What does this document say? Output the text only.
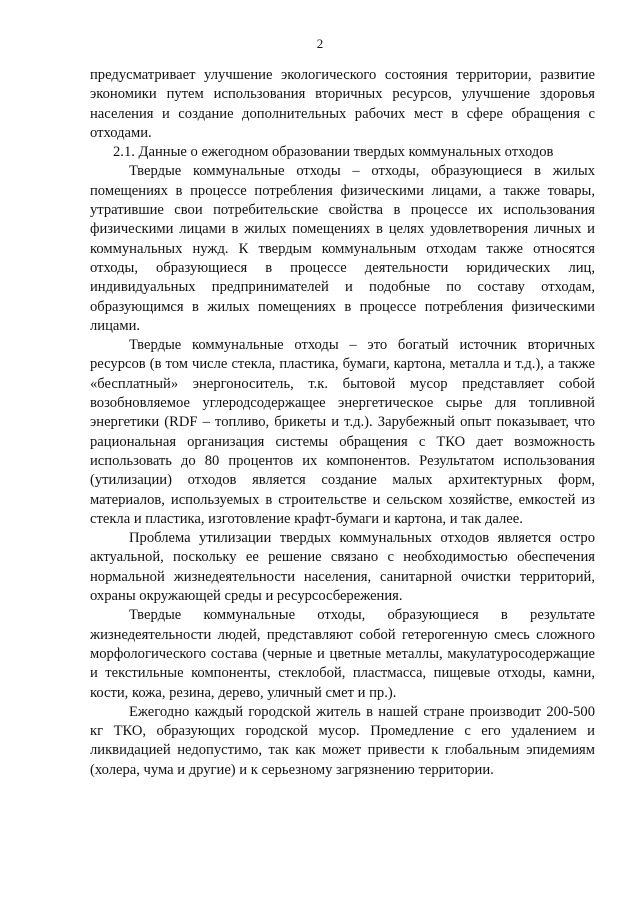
2

предусматривает улучшение экологического состояния территории, развитие экономики путем использования вторичных ресурсов, улучшение здоровья населения и создание дополнительных рабочих мест в сфере обращения с отходами.

2.1. Данные о ежегодном образовании твердых коммунальных отходов

Твердые коммунальные отходы – отходы, образующиеся в жилых помещениях в процессе потребления физическими лицами, а также товары, утратившие свои потребительские свойства в процессе их использования физическими лицами в жилых помещениях в целях удовлетворения личных и коммунальных нужд. К твердым коммунальным отходам также относятся отходы, образующиеся в процессе деятельности юридических лиц, индивидуальных предпринимателей и подобные по составу отходам, образующимся в жилых помещениях в процессе потребления физическими лицами.

Твердые коммунальные отходы – это богатый источник вторичных ресурсов (в том числе стекла, пластика, бумаги, картона, металла и т.д.), а также «бесплатный» энергоноситель, т.к. бытовой мусор представляет собой возобновляемое углеродсодержащее энергетическое сырье для топливной энергетики (RDF – топливо, брикеты и т.д.). Зарубежный опыт показывает, что рациональная организация системы обращения с ТКО дает возможность использовать до 80 процентов их компонентов. Результатом использования (утилизации) отходов является создание малых архитектурных форм, материалов, используемых в строительстве и сельском хозяйстве, емкостей из стекла и пластика, изготовление крафт-бумаги и картона, и так далее.

Проблема утилизации твердых коммунальных отходов является остро актуальной, поскольку ее решение связано с необходимостью обеспечения нормальной жизнедеятельности населения, санитарной очистки территорий, охраны окружающей среды и ресурсосбережения.

Твердые коммунальные отходы, образующиеся в результате жизнедеятельности людей, представляют собой гетерогенную смесь сложного морфологического состава (черные и цветные металлы, макулатуросодержащие и текстильные компоненты, стеклобой, пластмасса, пищевые отходы, камни, кости, кожа, резина, дерево, уличный смет и пр.).

Ежегодно каждый городской житель в нашей стране производит 200-500 кг ТКО, образующих городской мусор. Промедление с его удалением и ликвидацией недопустимо, так как может привести к глобальным эпидемиям (холера, чума и другие) и к серьезному загрязнению территории.
